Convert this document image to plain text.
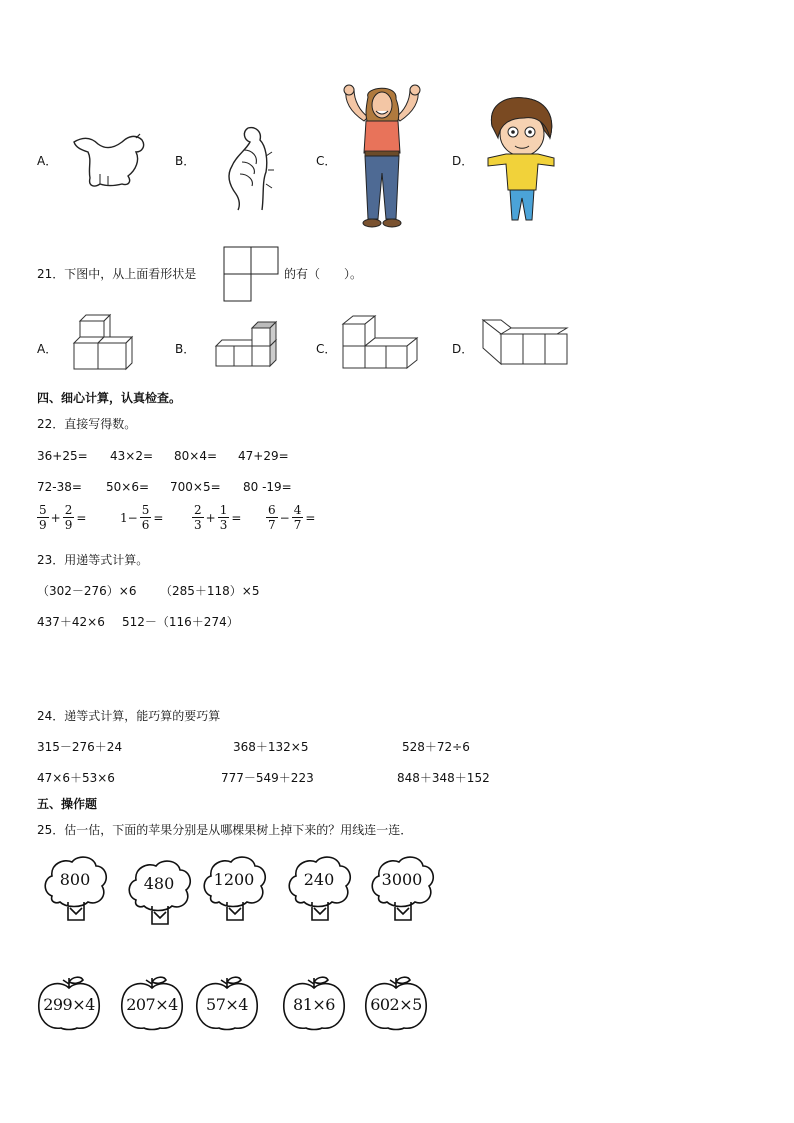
A．	B．	C．	D．
21．下图中，从上面看形状是	的有（　　）。
A．	B．	C．	D．
四、细心计算，认真检查。
22．直接写得数。
36+25= 43×2= 80×4= 47+29=
72-38= 50×6= 700×5= 80 -19=
$\frac{5}{9} + \frac{2}{9}$ =	$1- \frac{5}{6} = \frac{2}{3} + \frac{1}{3} = \frac{6}{7} - \frac{4}{7}$ =
23．用递等式计算。
（302－276）×6 （285＋118）×5
437＋42×6 512－（116＋274）
24．递等式计算，能巧算的要巧算
315－276＋24	368＋132×5	528＋72÷6
47×6＋53×6	777－549＋223	848＋348＋152
五、操作题
25．估一估，下面的苹果分别是从哪棵果树上掉下来的？用线连一连．
800	480	1200	240	3000
299×4	207×4	57×4	81×6	602×5
